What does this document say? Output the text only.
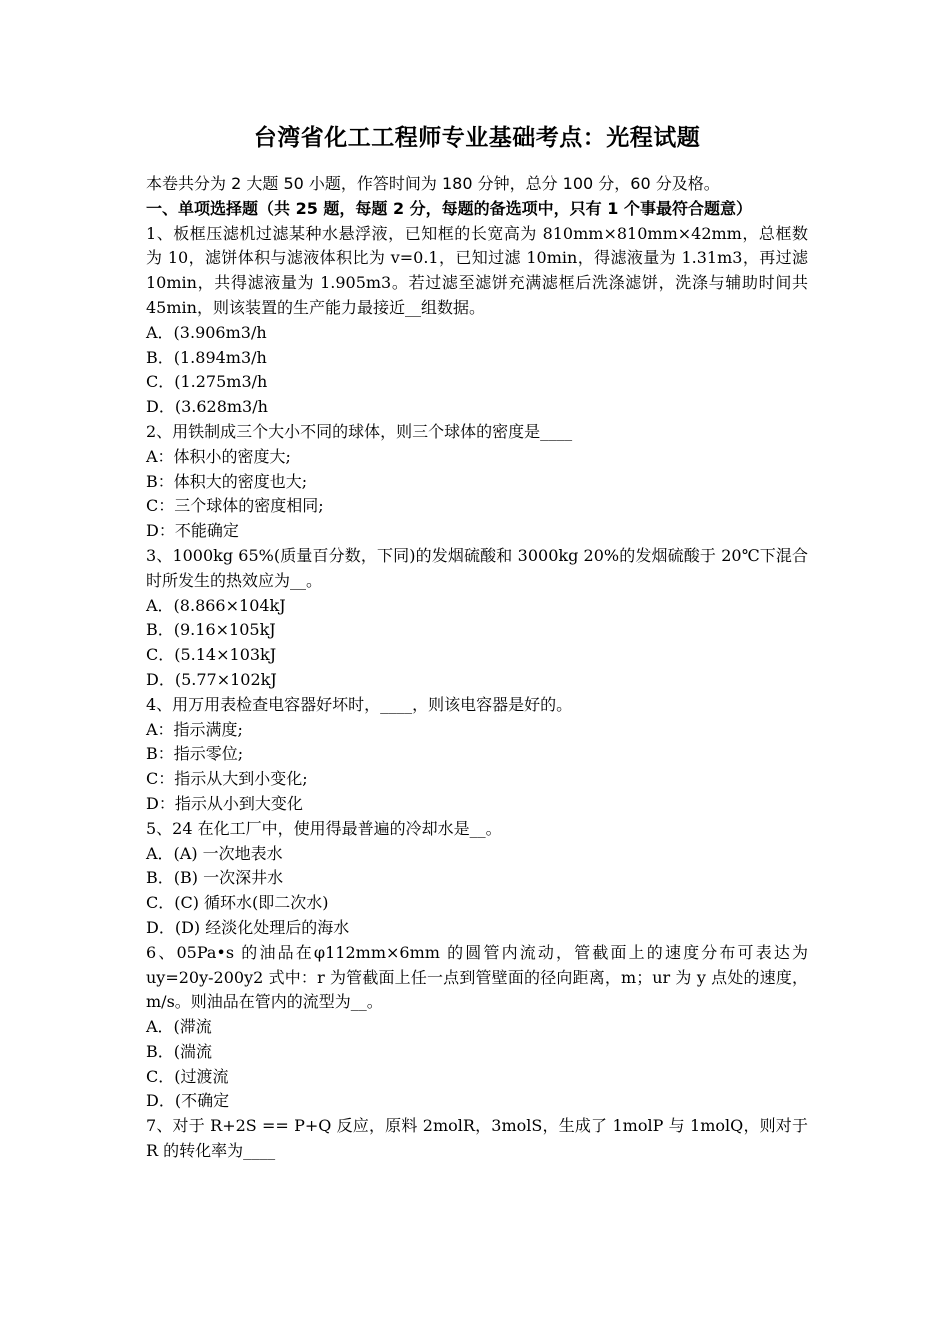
台湾省化工工程师专业基础考点：光程试题

本卷共分为 2 大题 50 小题，作答时间为 180 分钟，总分 100 分，60 分及格。

一、单项选择题（共 25 题，每题 2 分，每题的备选项中，只有 1 个事最符合题意）

1、板框压滤机过滤某种水悬浮液，已知框的长宽高为 810mm×810mm×42mm，总框数为 10，滤饼体积与滤液体积比为 v=0.1，已知过滤 10min，得滤液量为 1.31m3，再过滤 10min，共得滤液量为 1.905m3。若过滤至滤饼充满滤框后洗涤滤饼，洗涤与辅助时间共 45min，则该装置的生产能力最接近__组数据。

A．(3.906m3/h

B．(1.894m3/h

C．(1.275m3/h

D．(3.628m3/h

2、用铁制成三个大小不同的球体，则三个球体的密度是____

A：体积小的密度大;

B：体积大的密度也大;

C：三个球体的密度相同;

D：不能确定

3、1000kg 65%(质量百分数，下同)的发烟硫酸和 3000kg 20%的发烟硫酸于 20℃下混合时所发生的热效应为__。

A．(8.866×104kJ

B．(9.16×105kJ

C．(5.14×103kJ

D．(5.77×102kJ

4、用万用表检查电容器好坏时，____，则该电容器是好的。

A：指示满度;

B：指示零位;

C：指示从大到小变化;

D：指示从小到大变化

5、24 在化工厂中，使用得最普遍的冷却水是__。

A．(A) 一次地表水

B．(B) 一次深井水

C．(C) 循环水(即二次水)

D．(D) 经淡化处理后的海水

6、05Pa•s 的油品在φ112mm×6mm 的圆管内流动，管截面上的速度分布可表达为 uy=20y-200y2 式中：r 为管截面上任一点到管壁面的径向距离，m；ur 为 y 点处的速度，m/s。则油品在管内的流型为__。

A．(滞流

B．(湍流

C．(过渡流

D．(不确定

7、对于 R+2S == P+Q 反应，原料 2molR，3molS，生成了 1molP 与 1molQ，则对于 R 的转化率为____
